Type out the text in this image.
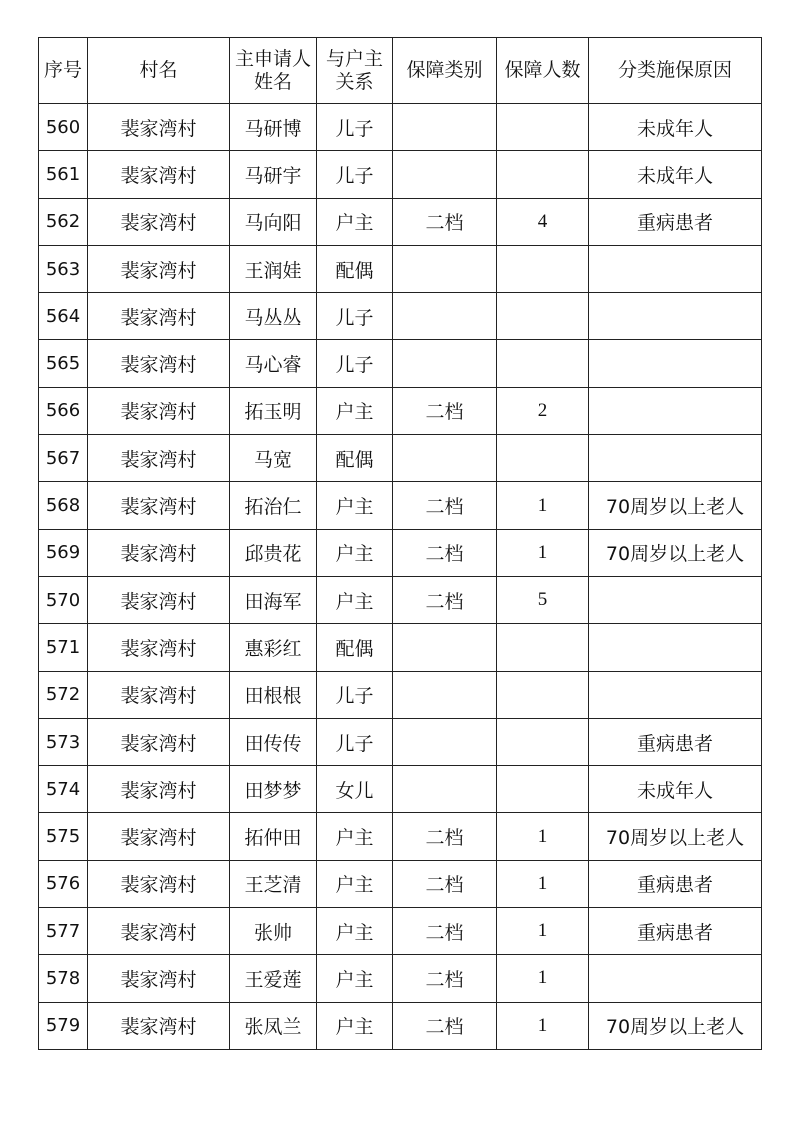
序号	村名	主申请人姓名	与户主关系	保障类别	保障人数	分类施保原因
560	裴家湾村	马研博	儿子			未成年人
561	裴家湾村	马研宇	儿子			未成年人
562	裴家湾村	马向阳	户主	二档	4	重病患者
563	裴家湾村	王润娃	配偶			
564	裴家湾村	马丛丛	儿子			
565	裴家湾村	马心睿	儿子			
566	裴家湾村	拓玉明	户主	二档	2	
567	裴家湾村	马宽	配偶			
568	裴家湾村	拓治仁	户主	二档	1	70周岁以上老人
569	裴家湾村	邱贵花	户主	二档	1	70周岁以上老人
570	裴家湾村	田海军	户主	二档	5	
571	裴家湾村	惠彩红	配偶			
572	裴家湾村	田根根	儿子			
573	裴家湾村	田传传	儿子			重病患者
574	裴家湾村	田梦梦	女儿			未成年人
575	裴家湾村	拓仲田	户主	二档	1	70周岁以上老人
576	裴家湾村	王芝清	户主	二档	1	重病患者
577	裴家湾村	张帅	户主	二档	1	重病患者
578	裴家湾村	王爱莲	户主	二档	1	
579	裴家湾村	张凤兰	户主	二档	1	70周岁以上老人
